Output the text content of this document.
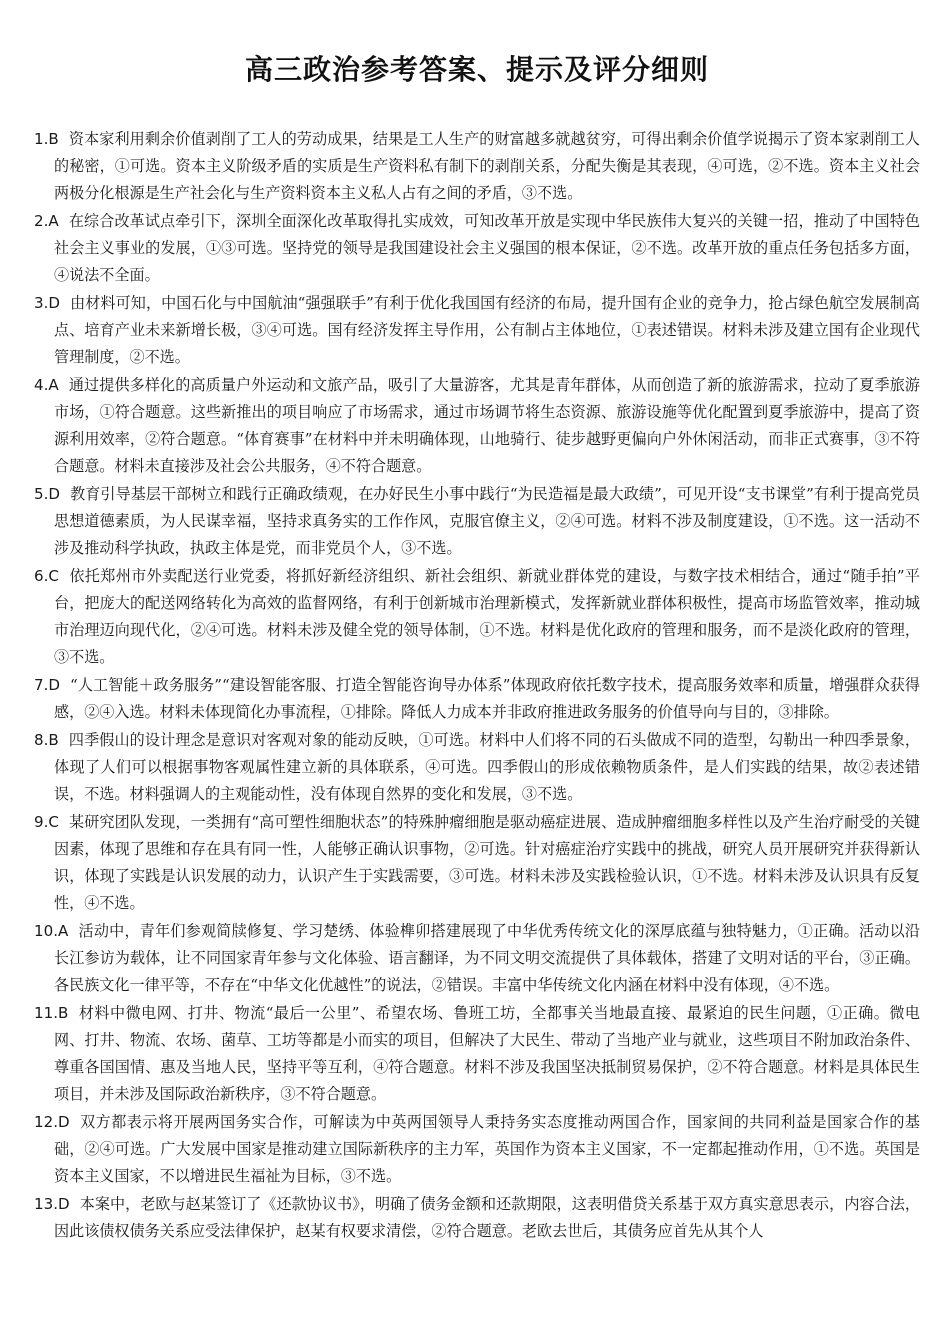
高三政治参考答案、提示及评分细则
1.B 资本家利用剩余价值剥削了工人的劳动成果，结果是工人生产的财富越多就越贫穷，可得出剩余价值学说揭示了资本家剥削工人的秘密，①可选。资本主义阶级矛盾的实质是生产资料私有制下的剥削关系，分配失衡是其表现，④可选，②不选。资本主义社会两极分化根源是生产社会化与生产资料资本主义私人占有之间的矛盾，③不选。
2.A 在综合改革试点牵引下，深圳全面深化改革取得扎实成效，可知改革开放是实现中华民族伟大复兴的关键一招，推动了中国特色社会主义事业的发展，①③可选。坚持党的领导是我国建设社会主义强国的根本保证，②不选。改革开放的重点任务包括多方面，④说法不全面。
3.D 由材料可知，中国石化与中国航油“强强联手”有利于优化我国国有经济的布局，提升国有企业的竞争力，抢占绿色航空发展制高点、培育产业未来新增长极，③④可选。国有经济发挥主导作用，公有制占主体地位，①表述错误。材料未涉及建立国有企业现代管理制度，②不选。
4.A 通过提供多样化的高质量户外运动和文旅产品，吸引了大量游客，尤其是青年群体，从而创造了新的旅游需求，拉动了夏季旅游市场，①符合题意。这些新推出的项目响应了市场需求，通过市场调节将生态资源、旅游设施等优化配置到夏季旅游中，提高了资源利用效率，②符合题意。“体育赛事”在材料中并未明确体现，山地骑行、徒步越野更偏向户外休闲活动，而非正式赛事，③不符合题意。材料未直接涉及社会公共服务，④不符合题意。
5.D 教育引导基层干部树立和践行正确政绩观，在办好民生小事中践行“为民造福是最大政绩”，可见开设“支书课堂”有利于提高党员思想道德素质，为人民谋幸福，坚持求真务实的工作作风，克服官僚主义，②④可选。材料不涉及制度建设，①不选。这一活动不涉及推动科学执政，执政主体是党，而非党员个人，③不选。
6.C 依托郑州市外卖配送行业党委，将抓好新经济组织、新社会组织、新就业群体党的建设，与数字技术相结合，通过“随手拍”平台，把庞大的配送网络转化为高效的监督网络，有利于创新城市治理新模式，发挥新就业群体积极性，提高市场监管效率，推动城市治理迈向现代化，②④可选。材料未涉及健全党的领导体制，①不选。材料是优化政府的管理和服务，而不是淡化政府的管理，③不选。
7.D “人工智能＋政务服务”“建设智能客服、打造全智能咨询导办体系”体现政府依托数字技术，提高服务效率和质量，增强群众获得感，②④入选。材料未体现简化办事流程，①排除。降低人力成本并非政府推进政务服务的价值导向与目的，③排除。
8.B 四季假山的设计理念是意识对客观对象的能动反映，①可选。材料中人们将不同的石头做成不同的造型，勾勒出一种四季景象，体现了人们可以根据事物客观属性建立新的具体联系，④可选。四季假山的形成依赖物质条件，是人们实践的结果，故②表述错误，不选。材料强调人的主观能动性，没有体现自然界的变化和发展，③不选。
9.C 某研究团队发现，一类拥有“高可塑性细胞状态”的特殊肿瘤细胞是驱动癌症进展、造成肿瘤细胞多样性以及产生治疗耐受的关键因素，体现了思维和存在具有同一性，人能够正确认识事物，②可选。针对癌症治疗实践中的挑战，研究人员开展研究并获得新认识，体现了实践是认识发展的动力，认识产生于实践需要，③可选。材料未涉及实践检验认识，①不选。材料未涉及认识具有反复性，④不选。
10.A 活动中，青年们参观简牍修复、学习楚绣、体验榫卯搭建展现了中华优秀传统文化的深厚底蕴与独特魅力，①正确。活动以沿长江参访为载体，让不同国家青年参与文化体验、语言翻译，为不同文明交流提供了具体载体，搭建了文明对话的平台，③正确。各民族文化一律平等，不存在“中华文化优越性”的说法，②错误。丰富中华传统文化内涵在材料中没有体现，④不选。
11.B 材料中微电网、打井、物流“最后一公里”、希望农场、鲁班工坊，全都事关当地最直接、最紧迫的民生问题，①正确。微电网、打井、物流、农场、菌草、工坊等都是小而实的项目，但解决了大民生、带动了当地产业与就业，这些项目不附加政治条件、尊重各国国情、惠及当地人民，坚持平等互利，④符合题意。材料不涉及我国坚决抵制贸易保护，②不符合题意。材料是具体民生项目，并未涉及国际政治新秩序，③不符合题意。
12.D 双方都表示将开展两国务实合作，可解读为中英两国领导人秉持务实态度推动两国合作，国家间的共同利益是国家合作的基础，②④可选。广大发展中国家是推动建立国际新秩序的主力军，英国作为资本主义国家，不一定都起推动作用，①不选。英国是资本主义国家，不以增进民生福祉为目标，③不选。
13.D 本案中，老欧与赵某签订了《还款协议书》，明确了债务金额和还款期限，这表明借贷关系基于双方真实意思表示，内容合法，因此该债权债务关系应受法律保护，赵某有权要求清偿，②符合题意。老欧去世后，其债务应首先从其个人
